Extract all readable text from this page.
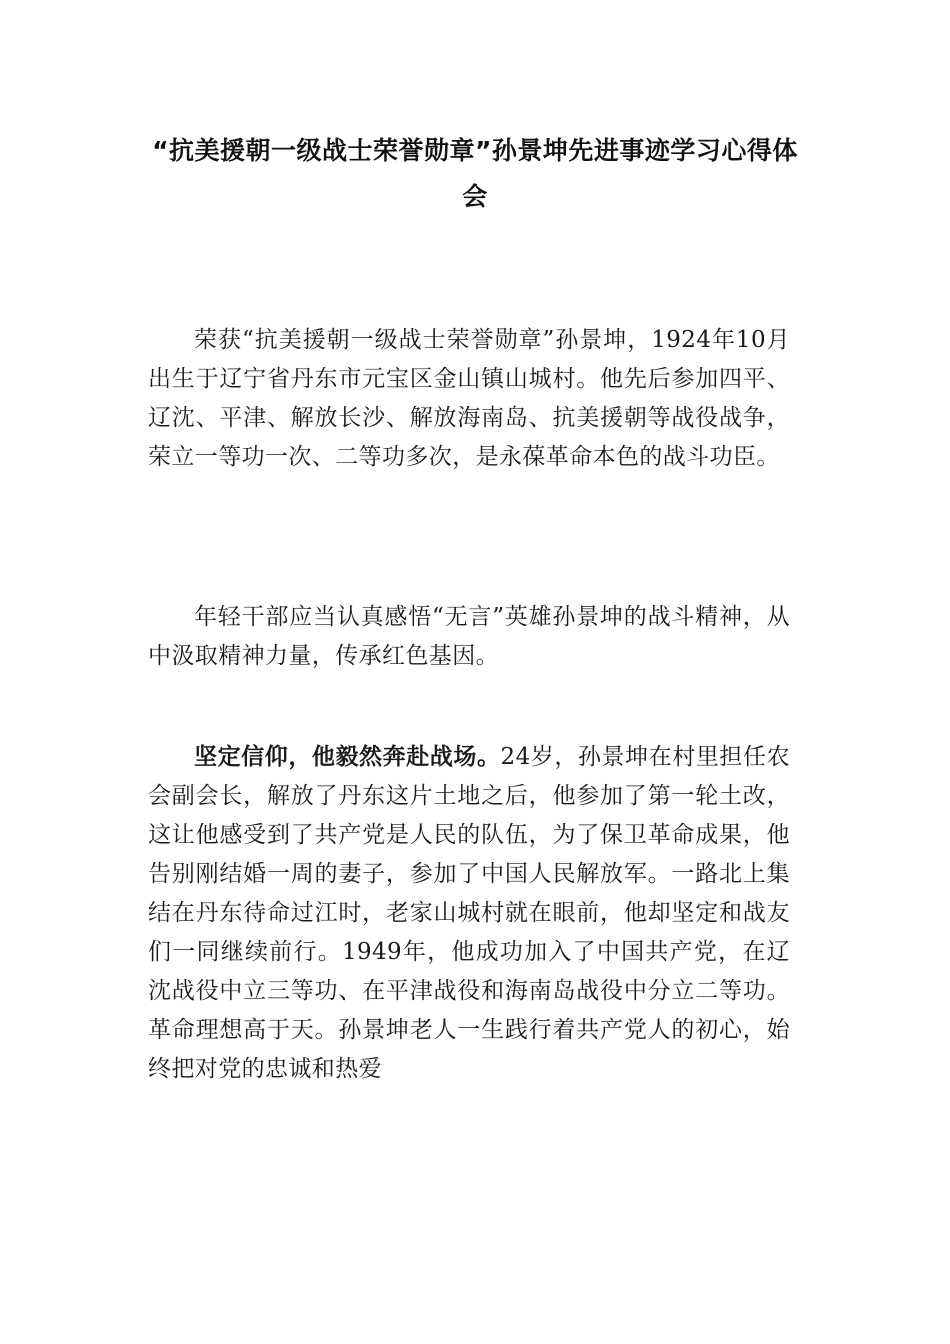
“抗美援朝一级战士荣誉勋章”孙景坤先进事迹学习心得体会

荣获“抗美援朝一级战士荣誉勋章”孙景坤，1924年10月出生于辽宁省丹东市元宝区金山镇山城村。他先后参加四平、辽沈、平津、解放长沙、解放海南岛、抗美援朝等战役战争，荣立一等功一次、二等功多次，是永葆革命本色的战斗功臣。

年轻干部应当认真感悟“无言”英雄孙景坤的战斗精神，从中汲取精神力量，传承红色基因。

坚定信仰，他毅然奔赴战场。24岁，孙景坤在村里担任农会副会长，解放了丹东这片土地之后，他参加了第一轮土改，这让他感受到了共产党是人民的队伍，为了保卫革命成果，他告别刚结婚一周的妻子，参加了中国人民解放军。一路北上集结在丹东待命过江时，老家山城村就在眼前，他却坚定和战友们一同继续前行。1949年，他成功加入了中国共产党，在辽沈战役中立三等功、在平津战役和海南岛战役中分立二等功。革命理想高于天。孙景坤老人一生践行着共产党人的初心，始终把对党的忠诚和热爱
